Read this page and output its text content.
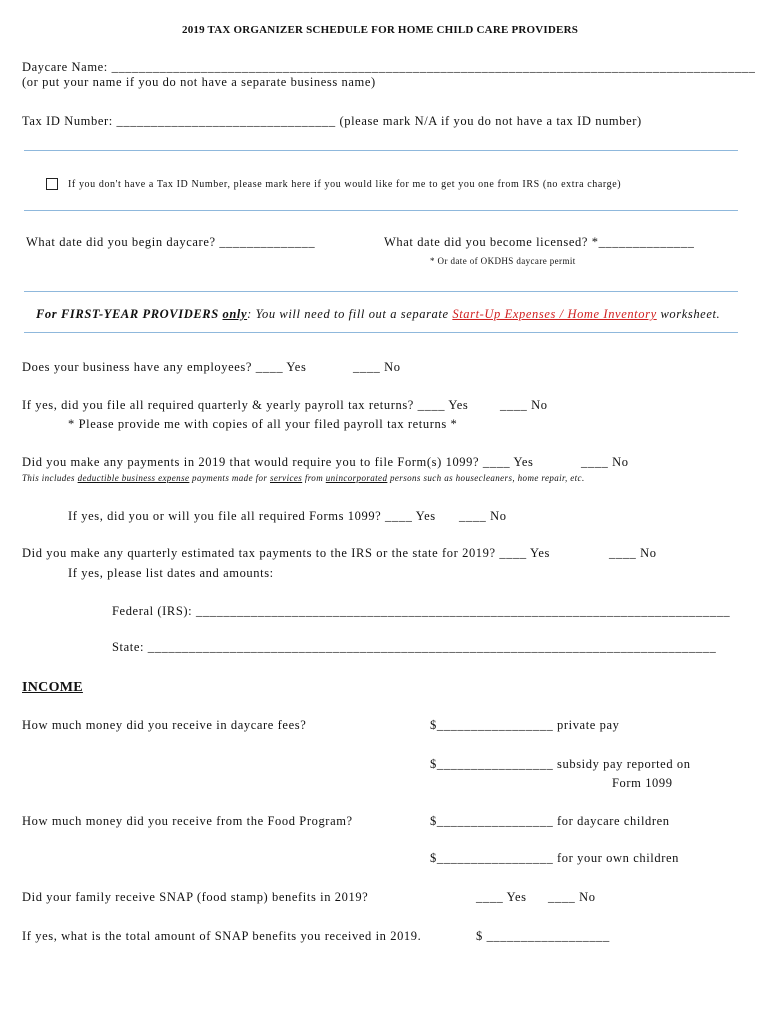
2019 TAX ORGANIZER SCHEDULE FOR HOME CHILD CARE PROVIDERS
Daycare Name: ______________________________________________________________________________________________
(or put your name if you do not have a separate business name)
Tax ID Number: ________________________________ (please mark N/A if you do not have a tax ID number)
If you don't have a Tax ID Number, please mark here if you would like for me to get you one from IRS (no extra charge)
What date did you begin daycare? ______________	What date did you become licensed? *______________
* Or date of OKDHS daycare permit
For FIRST-YEAR PROVIDERS only: You will need to fill out a separate Start-Up Expenses / Home Inventory worksheet.
Does your business have any employees? ____ Yes	____ No
If yes, did you file all required quarterly & yearly payroll tax returns? ____ Yes	____ No
* Please provide me with copies of all your filed payroll tax returns *
Did you make any payments in 2019 that would require you to file Form(s) 1099? ____ Yes	____ No
This includes deductible business expense payments made for services from unincorporated persons such as housecleaners, home repair, etc.
If yes, did you or will you file all required Forms 1099? ____ Yes ____ No
Did you make any quarterly estimated tax payments to the IRS or the state for 2019? ____ Yes	____ No
If yes, please list dates and amounts:
Federal (IRS): ______________________________________________________________________________
State: ___________________________________________________________________________________
INCOME
How much money did you receive in daycare fees?	$_________________ private pay
$_________________ subsidy pay reported on
Form 1099
How much money did you receive from the Food Program?	$_________________ for daycare children
$_________________ for your own children
Did your family receive SNAP (food stamp) benefits in 2019?	____ Yes ____ No
If yes, what is the total amount of SNAP benefits you received in 2019.	$ __________________
